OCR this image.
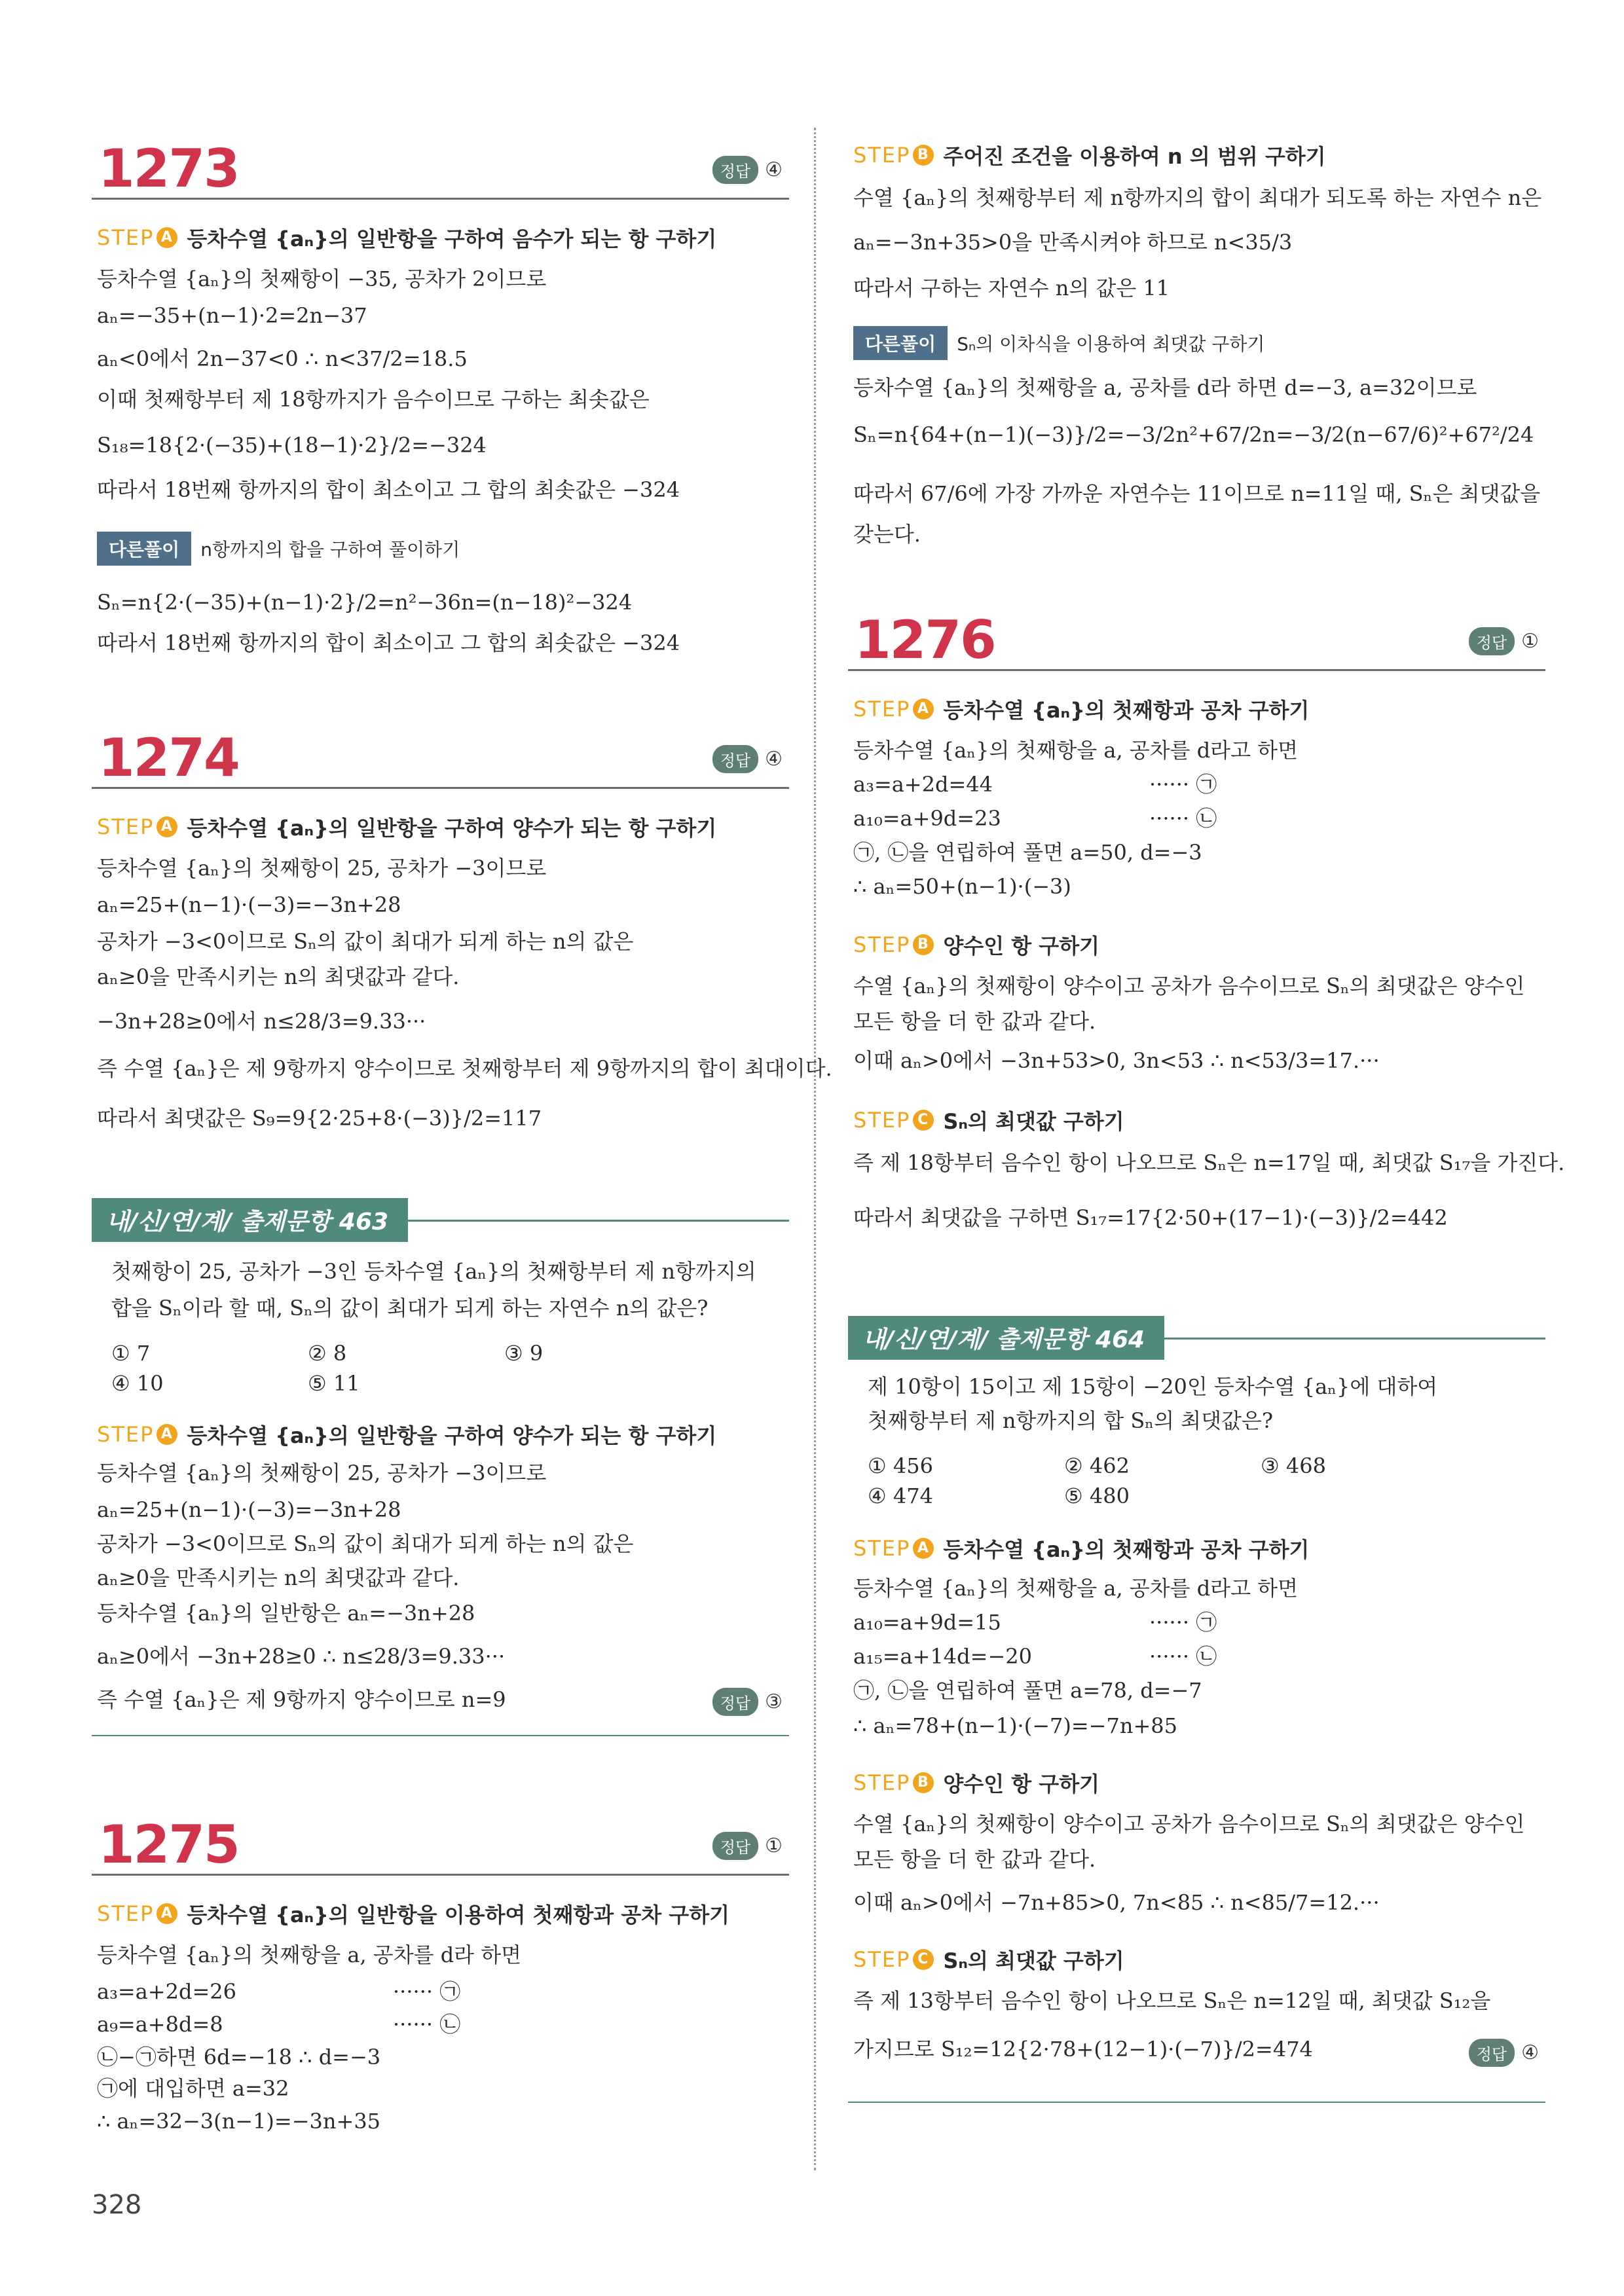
1273	정답 ④
STEP A 등차수열 {aₙ}의 일반항을 구하여 음수가 되는 항 구하기
등차수열 {aₙ}의 첫째항이 −35, 공차가 2이므로
aₙ=−35+(n−1)·2=2n−37
aₙ<0에서 2n−37<0 ∴ n<37/2=18.5
이때 첫째항부터 제 18항까지가 음수이므로 구하는 최솟값은
S₁₈=18{2·(−35)+(18−1)·2}/2=−324
따라서 18번째 항까지의 합이 최소이고 그 합의 최솟값은 −324
다른풀이	n항까지의 합을 구하여 풀이하기
Sₙ=n{2·(−35)+(n−1)·2}/2=n²−36n=(n−18)²−324
따라서 18번째 항까지의 합이 최소이고 그 합의 최솟값은 −324
1274	정답 ④
STEP A 등차수열 {aₙ}의 일반항을 구하여 양수가 되는 항 구하기
등차수열 {aₙ}의 첫째항이 25, 공차가 −3이므로
aₙ=25+(n−1)·(−3)=−3n+28
공차가 −3<0이므로 Sₙ의 값이 최대가 되게 하는 n의 값은
aₙ≥0을 만족시키는 n의 최댓값과 같다.
−3n+28≥0에서 n≤28/3=9.33···
즉 수열 {aₙ}은 제 9항까지 양수이므로 첫째항부터 제 9항까지의 합이 최대이다.
따라서 최댓값은 S₉=9{2·25+8·(−3)}/2=117
내/신/연/계/ 출제문항 463
첫째항이 25, 공차가 −3인 등차수열 {aₙ}의 첫째항부터 제 n항까지의
합을 Sₙ이라 할 때, Sₙ의 값이 최대가 되게 하는 자연수 n의 값은?
① 7	② 8	③ 9
④ 10	⑤ 11
STEP A 등차수열 {aₙ}의 일반항을 구하여 양수가 되는 항 구하기
등차수열 {aₙ}의 첫째항이 25, 공차가 −3이므로
aₙ=25+(n−1)·(−3)=−3n+28
공차가 −3<0이므로 Sₙ의 값이 최대가 되게 하는 n의 값은
aₙ≥0을 만족시키는 n의 최댓값과 같다.
등차수열 {aₙ}의 일반항은 aₙ=−3n+28
aₙ≥0에서 −3n+28≥0 ∴ n≤28/3=9.33···
즉 수열 {aₙ}은 제 9항까지 양수이므로 n=9	정답 ③
1275	정답 ①
STEP A 등차수열 {aₙ}의 일반항을 이용하여 첫째항과 공차 구하기
등차수열 {aₙ}의 첫째항을 a, 공차를 d라 하면
a₃=a+2d=26	······ ㉠
a₉=a+8d=8	······ ㉡
㉡−㉠하면 6d=−18 ∴ d=−3
㉠에 대입하면 a=32
∴ aₙ=32−3(n−1)=−3n+35
STEP B 주어진 조건을 이용하여 n 의 범위 구하기
수열 {aₙ}의 첫째항부터 제 n항까지의 합이 최대가 되도록 하는 자연수 n은
aₙ=−3n+35>0을 만족시켜야 하므로 n<35/3
따라서 구하는 자연수 n의 값은 11
다른풀이	Sₙ의 이차식을 이용하여 최댓값 구하기
등차수열 {aₙ}의 첫째항을 a, 공차를 d라 하면 d=−3, a=32이므로
Sₙ=n{64+(n−1)(−3)}/2=−3/2n²+67/2n=−3/2(n−67/6)²+67²/24
따라서 67/6에 가장 가까운 자연수는 11이므로 n=11일 때, Sₙ은 최댓값을
갖는다.
1276	정답 ①
STEP A 등차수열 {aₙ}의 첫째항과 공차 구하기
등차수열 {aₙ}의 첫째항을 a, 공차를 d라고 하면
a₃=a+2d=44	······ ㉠
a₁₀=a+9d=23	······ ㉡
㉠, ㉡을 연립하여 풀면 a=50, d=−3
∴ aₙ=50+(n−1)·(−3)
STEP B 양수인 항 구하기
수열 {aₙ}의 첫째항이 양수이고 공차가 음수이므로 Sₙ의 최댓값은 양수인
모든 항을 더 한 값과 같다.
이때 aₙ>0에서 −3n+53>0, 3n<53 ∴ n<53/3=17.···
STEP C Sₙ의 최댓값 구하기
즉 제 18항부터 음수인 항이 나오므로 Sₙ은 n=17일 때, 최댓값 S₁₇을 가진다.
따라서 최댓값을 구하면 S₁₇=17{2·50+(17−1)·(−3)}/2=442
내/신/연/계/ 출제문항 464
제 10항이 15이고 제 15항이 −20인 등차수열 {aₙ}에 대하여
첫째항부터 제 n항까지의 합 Sₙ의 최댓값은?
① 456	② 462	③ 468
④ 474	⑤ 480
STEP A 등차수열 {aₙ}의 첫째항과 공차 구하기
등차수열 {aₙ}의 첫째항을 a, 공차를 d라고 하면
a₁₀=a+9d=15	······ ㉠
a₁₅=a+14d=−20	······ ㉡
㉠, ㉡을 연립하여 풀면 a=78, d=−7
∴ aₙ=78+(n−1)·(−7)=−7n+85
STEP B 양수인 항 구하기
수열 {aₙ}의 첫째항이 양수이고 공차가 음수이므로 Sₙ의 최댓값은 양수인
모든 항을 더 한 값과 같다.
이때 aₙ>0에서 −7n+85>0, 7n<85 ∴ n<85/7=12.···
STEP C Sₙ의 최댓값 구하기
즉 제 13항부터 음수인 항이 나오므로 Sₙ은 n=12일 때, 최댓값 S₁₂을
가지므로 S₁₂=12{2·78+(12−1)·(−7)}/2=474	정답 ④
328
